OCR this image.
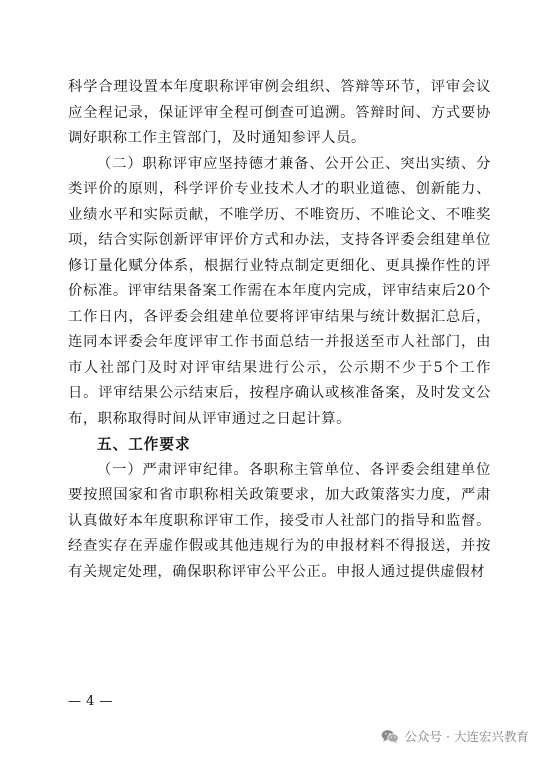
科学合理设置本年度职称评审例会组织、答辩等环节，评审会议应全程记录，保证评审全程可倒查可追溯。答辩时间、方式要协调好职称工作主管部门，及时通知参评人员。

（二）职称评审应坚持德才兼备、公开公正、突出实绩、分类评价的原则，科学评价专业技术人才的职业道德、创新能力、业绩水平和实际贡献，不唯学历、不唯资历、不唯论文、不唯奖项，结合实际创新评审评价方式和办法，支持各评委会组建单位修订量化赋分体系，根据行业特点制定更细化、更具操作性的评价标准。评审结果备案工作需在本年度内完成，评审结束后20个工作日内，各评委会组建单位要将评审结果与统计数据汇总后，连同本评委会年度评审工作书面总结一并报送至市人社部门，由市人社部门及时对评审结果进行公示，公示期不少于5个工作日。评审结果公示结束后，按程序确认或核准备案，及时发文公布，职称取得时间从评审通过之日起计算。

五、工作要求

（一）严肃评审纪律。各职称主管单位、各评委会组建单位要按照国家和省市职称相关政策要求，加大政策落实力度，严肃认真做好本年度职称评审工作，接受市人社部门的指导和监督。经查实存在弄虚作假或其他违规行为的申报材料不得报送，并按有关规定处理，确保职称评审公平公正。申报人通过提供虚假材

— 4 —
公众号 · 大连宏兴教育
